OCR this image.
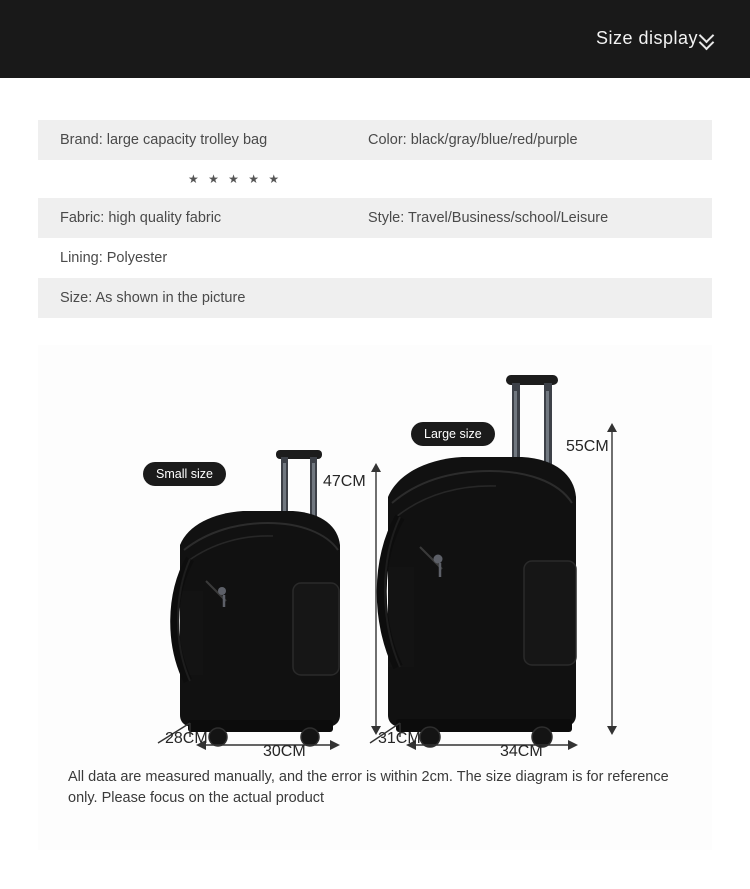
Size display
Brand: large capacity trolley bag	Color: black/gray/blue/red/purple
★ ★ ★ ★ ★
Fabric: high quality fabric	Style: Travel/Business/school/Leisure
Lining: Polyester
Size: As shown in the picture
Small size
Large size
47CM
55CM
28CM
30CM
31CM
34CM
All data are measured manually, and the error is within 2cm. The size diagram is for reference only. Please focus on the actual product
